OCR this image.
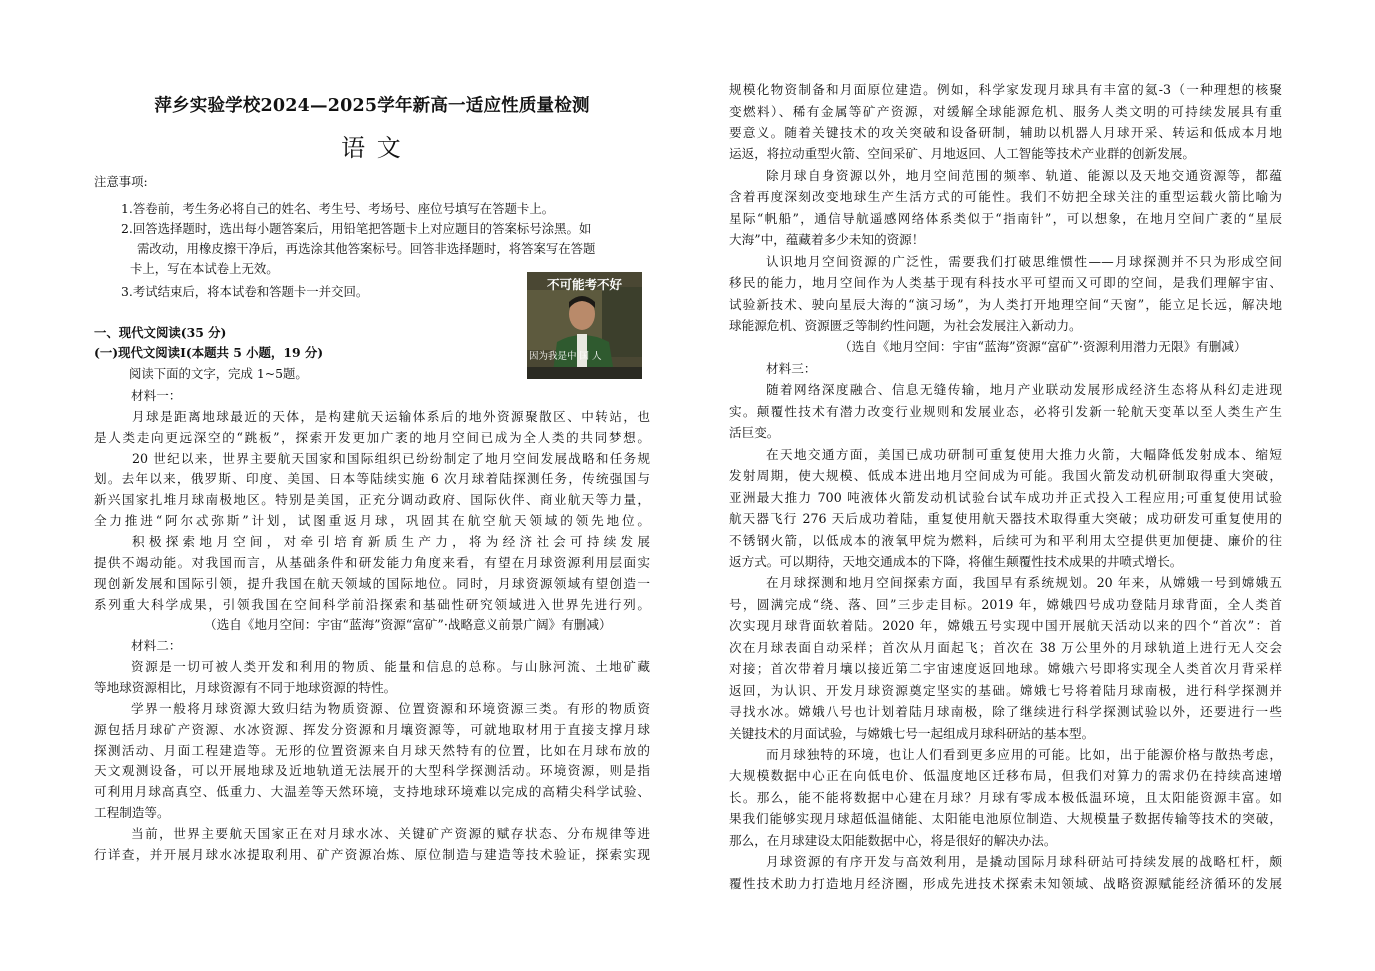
萍乡实验学校2024—2025学年新高一适应性质量检测
语 文
注意事项:
1.答卷前，考生务必将自己的姓名、考生号、考场号、座位号填写在答题卡上。
2.回答选择题时，选出每小题答案后，用铅笔把答题卡上对应题目的答案标号涂黑。如
需改动，用橡皮擦干净后，再选涂其他答案标号。回答非选择题时，将答案写在答题
卡上，写在本试卷上无效。
3.考试结束后，将本试卷和答题卡一并交回。
一、现代文阅读(35 分)
(一)现代文阅读I(本题共 5 小题，19 分)
阅读下面的文字，完成 1~5题。
材料一：
月球是距离地球最近的天体，是构建航天运输体系后的地外资源聚散区、中转站，也
是人类走向更远深空的“跳板”，探索开发更加广袤的地月空间已成为全人类的共同梦想。
20 世纪以来，世界主要航天国家和国际组织已纷纷制定了地月空间发展战略和任务规
划。去年以来，俄罗斯、印度、美国、日本等陆续实施 6 次月球着陆探测任务，传统强国与
新兴国家扎堆月球南极地区。特别是美国，正充分调动政府、国际伙伴、商业航天等力量，
全力推进“阿尔忒弥斯”计划，试图重返月球，巩固其在航空航天领域的领先地位。
积极探索地月空间，对牵引培育新质生产力，将为经济社会可持续发展
提供不竭动能。对我国而言，从基础条件和研发能力角度来看，有望在月球资源利用层面实
现创新发展和国际引领，提升我国在航天领域的国际地位。同时，月球资源领域有望创造一
系列重大科学成果，引领我国在空间科学前沿探索和基础性研究领域进入世界先进行列。
（选自《地月空间：宇宙“蓝海”资源“富矿”·战略意义前景广阔》有删减）
材料二：
资源是一切可被人类开发和利用的物质、能量和信息的总称。与山脉河流、土地矿藏
等地球资源相比，月球资源有不同于地球资源的特性。
学界一般将月球资源大致归结为物质资源、位置资源和环境资源三类。有形的物质资
源包括月球矿产资源、水冰资源、挥发分资源和月壤资源等，可就地取材用于直接支撑月球
探测活动、月面工程建造等。无形的位置资源来自月球天然特有的位置，比如在月球布放的
天文观测设备，可以开展地球及近地轨道无法展开的大型科学探测活动。环境资源，则是指
可利用月球高真空、低重力、大温差等天然环境，支持地球环境难以完成的高精尖科学试验、
工程制造等。
当前，世界主要航天国家正在对月球水冰、关键矿产资源的赋存状态、分布规律等进
行详查，并开展月球水冰提取利用、矿产资源冶炼、原位制造与建造等技术验证，探索实现
不可能考不好
因为我是中 国 人
规模化物资制备和月面原位建造。例如，科学家发现月球具有丰富的氦-3（一种理想的核聚
变燃料）、稀有金属等矿产资源，对缓解全球能源危机、服务人类文明的可持续发展具有重
要意义。随着关键技术的攻关突破和设备研制，辅助以机器人月球开采、转运和低成本月地
运返，将拉动重型火箭、空间采矿、月地返回、人工智能等技术产业群的创新发展。
除月球自身资源以外，地月空间范围的频率、轨道、能源以及天地交通资源等，都蕴
含着再度深刻改变地球生产生活方式的可能性。我们不妨把全球关注的重型运载火箭比喻为
星际“帆船”，通信导航遥感网络体系类似于“指南针”，可以想象，在地月空间广袤的“星辰
大海”中，蕴藏着多少未知的资源！
认识地月空间资源的广泛性，需要我们打破思维惯性——月球探测并不只为形成空间
移民的能力，地月空间作为人类基于现有科技水平可望而又可即的空间，是我们理解宇宙、
试验新技术、驶向星辰大海的“演习场”，为人类打开地理空间“天窗”，能立足长远，解决地
球能源危机、资源匮乏等制约性问题，为社会发展注入新动力。
（选自《地月空间：宇宙“蓝海”资源“富矿”·资源利用潜力无限》有删减）
材料三：
随着网络深度融合、信息无缝传输，地月产业联动发展形成经济生态将从科幻走进现
实。颠覆性技术有潜力改变行业规则和发展业态，必将引发新一轮航天变革以至人类生产生
活巨变。
在天地交通方面，美国已成功研制可重复使用大推力火箭，大幅降低发射成本、缩短
发射周期，使大规模、低成本进出地月空间成为可能。我国火箭发动机研制取得重大突破，
亚洲最大推力 700 吨液体火箭发动机试验台试车成功并正式投入工程应用;可重复使用试验
航天器飞行 276 天后成功着陆，重复使用航天器技术取得重大突破；成功研发可重复使用的
不锈钢火箭，以低成本的液氧甲烷为燃料，后续可为和平利用太空提供更加便捷、廉价的往
返方式。可以期待，天地交通成本的下降，将催生颠覆性技术成果的井喷式增长。
在月球探测和地月空间探索方面，我国早有系统规划。20 年来，从嫦娥一号到嫦娥五
号，圆满完成“绕、落、回”三步走目标。2019 年，嫦娥四号成功登陆月球背面，全人类首
次实现月球背面软着陆。2020 年，嫦娥五号实现中国开展航天活动以来的四个“首次”：首
次在月球表面自动采样；首次从月面起飞；首次在 38 万公里外的月球轨道上进行无人交会
对接；首次带着月壤以接近第二宇宙速度返回地球。嫦娥六号即将实现全人类首次月背采样
返回，为认识、开发月球资源奠定坚实的基础。嫦娥七号将着陆月球南极，进行科学探测并
寻找水冰。嫦娥八号也计划着陆月球南极，除了继续进行科学探测试验以外，还要进行一些
关键技术的月面试验，与嫦娥七号一起组成月球科研站的基本型。
而月球独特的环境，也让人们看到更多应用的可能。比如，出于能源价格与散热考虑，
大规模数据中心正在向低电价、低温度地区迁移布局，但我们对算力的需求仍在持续高速增
长。那么，能不能将数据中心建在月球？月球有零成本极低温环境，且太阳能资源丰富。如
果我们能够实现月球超低温储能、太阳能电池原位制造、大规模量子数据传输等技术的突破，
那么，在月球建设太阳能数据中心，将是很好的解决办法。
月球资源的有序开发与高效利用，是撬动国际月球科研站可持续发展的战略杠杆，颇
覆性技术助力打造地月经济圈，形成先进技术探索未知领域、战略资源赋能经济循环的发展
